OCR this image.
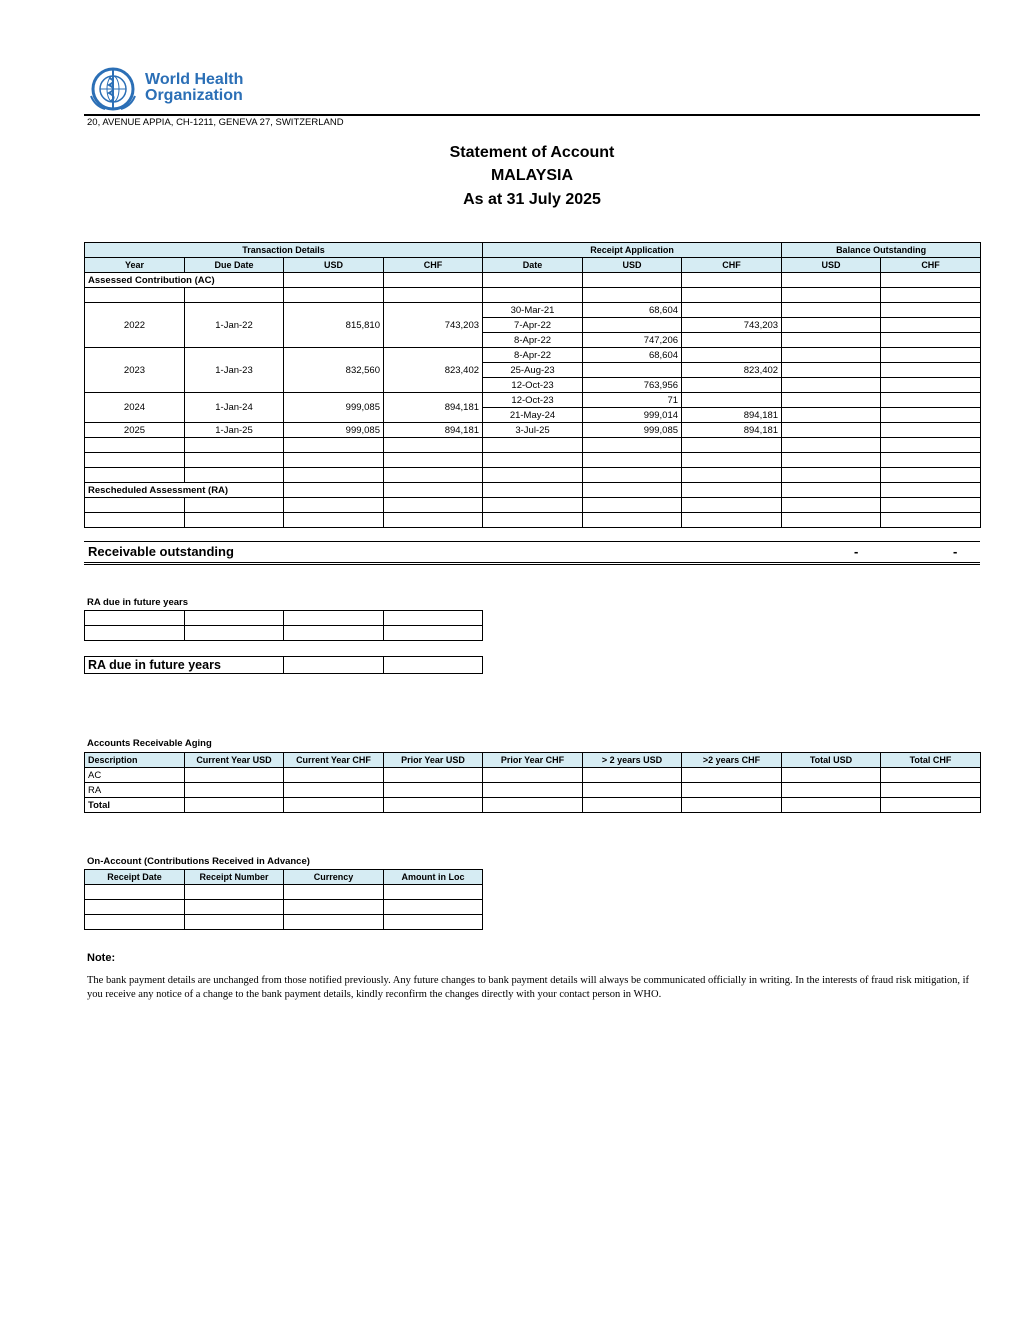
World Health
Organization
20, AVENUE APPIA, CH-1211, GENEVA 27, SWITZERLAND
Statement of Account
MALAYSIA
As at 31 July 2025
Transaction Details				Receipt Application			Balance Outstanding	
Year	Due Date	USD	CHF	Date	USD	CHF	USD	CHF
Assessed Contribution (AC)								

2022	1-Jan-22	815,810	743,203	30-Mar-21	68,604			
				7-Apr-22		743,203		
				8-Apr-22	747,206			
2023	1-Jan-23	832,560	823,402	8-Apr-22	68,604			
				25-Aug-23		823,402		
				12-Oct-23	763,956			
2024	1-Jan-24	999,085	894,181	12-Oct-23	71			
				21-May-24	999,014	894,181		
2025	1-Jan-25	999,085	894,181	3-Jul-25	999,085	894,181		

Rescheduled Assessment (RA)								

Receivable outstanding	-	-
RA due in future years

RA due in future years		
Accounts Receivable Aging
Description	Current Year USD	Current Year CHF	Prior Year USD	Prior Year CHF	> 2 years USD	>2 years CHF	Total USD	Total CHF
AC								
RA								
Total								
On-Account (Contributions Received in Advance)
Receipt Date	Receipt Number	Currency	Amount in Loc

Note:
The bank payment details are unchanged from those notified previously. Any future changes to bank payment details will always be communicated officially in writing. In the interests of fraud risk mitigation, if you receive any notice of a change to the bank payment details, kindly reconfirm the changes directly with your contact person in WHO.
